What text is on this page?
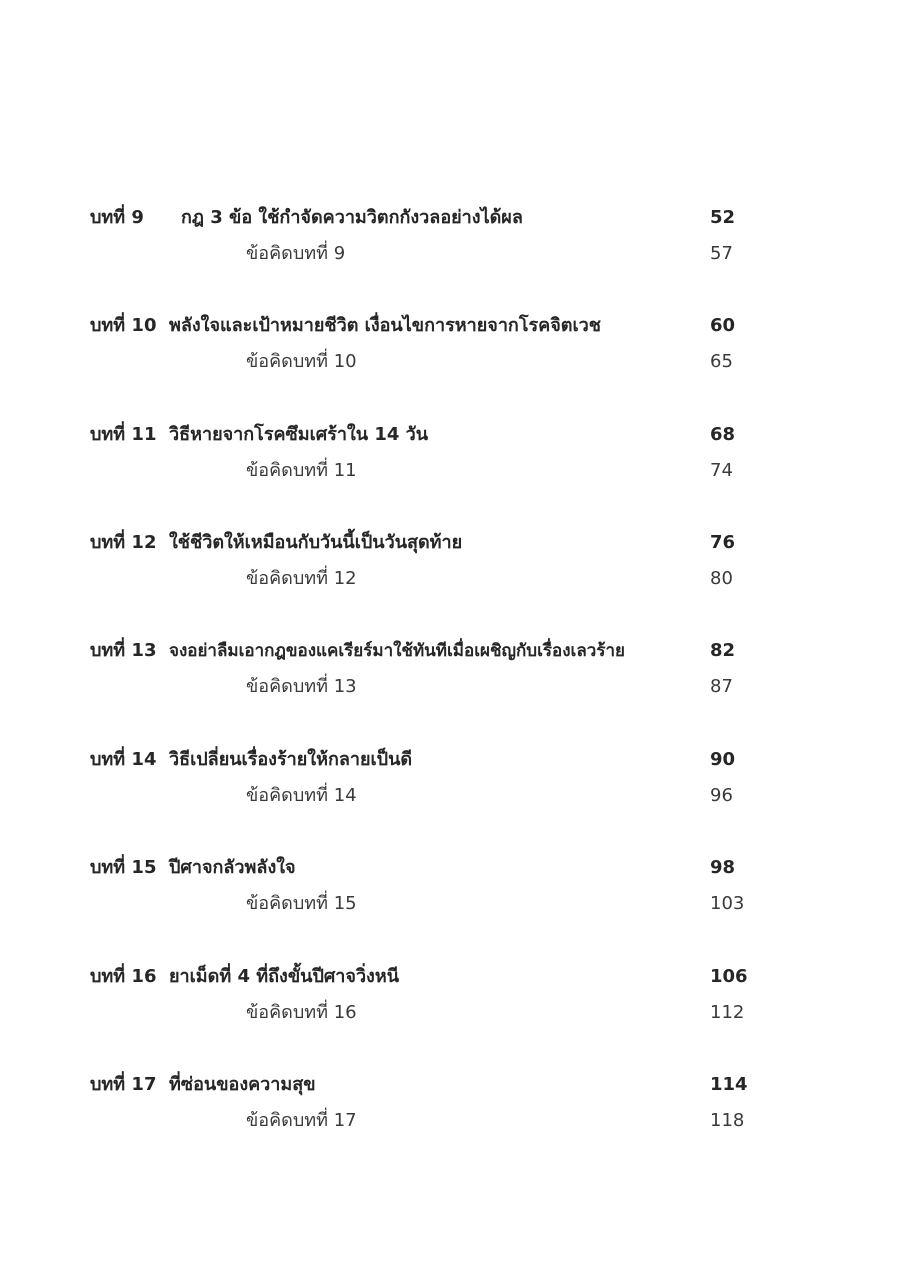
บทที่ 9 กฎ 3 ข้อ ใช้กำจัดความวิตกกังวลอย่างได้ผล	52
ข้อคิดบทที่ 9	57
บทที่ 10 พลังใจและเป้าหมายชีวิต เงื่อนไขการหายจากโรคจิตเวช	60
ข้อคิดบทที่ 10	65
บทที่ 11 วิธีหายจากโรคซึมเศร้าใน 14 วัน	68
ข้อคิดบทที่ 11	74
บทที่ 12 ใช้ชีวิตให้เหมือนกับวันนี้เป็นวันสุดท้าย	76
ข้อคิดบทที่ 12	80
บทที่ 13 จงอย่าลืมเอากฎของแคเรียร์มาใช้ทันทีเมื่อเผชิญกับเรื่องเลวร้าย	82
ข้อคิดบทที่ 13	87
บทที่ 14 วิธีเปลี่ยนเรื่องร้ายให้กลายเป็นดี	90
ข้อคิดบทที่ 14	96
บทที่ 15 ปีศาจกลัวพลังใจ	98
ข้อคิดบทที่ 15	103
บทที่ 16 ยาเม็ดที่ 4 ที่ถึงขั้นปีศาจวิ่งหนี	106
ข้อคิดบทที่ 16	112
บทที่ 17 ที่ซ่อนของความสุข	114
ข้อคิดบทที่ 17	118
